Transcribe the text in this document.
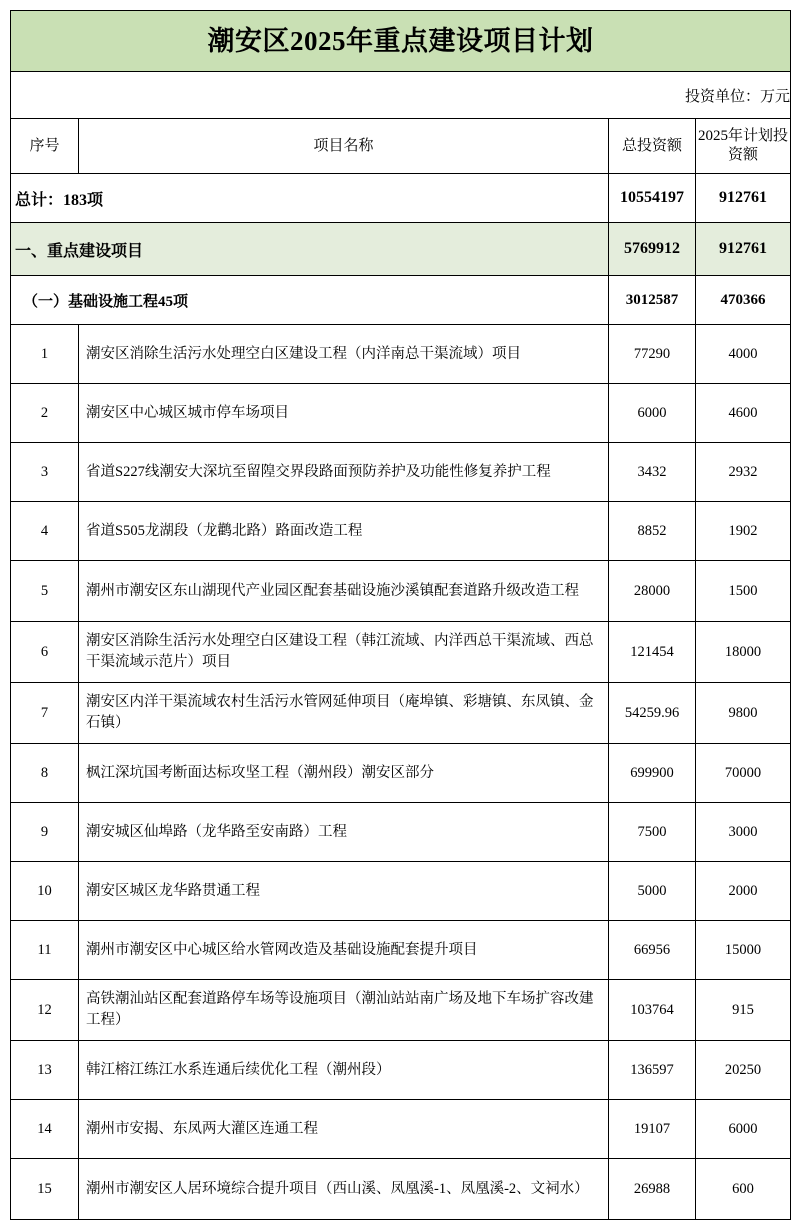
潮安区2025年重点建设项目计划			
投资单位：万元			
序号	项目名称	总投资额	2025年计划投资额
总计：183项		10554197	912761
一、重点建设项目		5769912	912761
（一）基础设施工程45项		3012587	470366
1	潮安区消除生活污水处理空白区建设工程（内洋南总干渠流域）项目	77290	4000
2	潮安区中心城区城市停车场项目	6000	4600
3	省道S227线潮安大深坑至留隍交界段路面预防养护及功能性修复养护工程	3432	2932
4	省道S505龙湖段（龙鹳北路）路面改造工程	8852	1902
5	潮州市潮安区东山湖现代产业园区配套基础设施沙溪镇配套道路升级改造工程	28000	1500
6	潮安区消除生活污水处理空白区建设工程（韩江流域、内洋西总干渠流域、西总干渠流域示范片）项目	121454	18000
7	潮安区内洋干渠流域农村生活污水管网延伸项目（庵埠镇、彩塘镇、东凤镇、金石镇）	54259.96	9800
8	枫江深坑国考断面达标攻坚工程（潮州段）潮安区部分	699900	70000
9	潮安城区仙埠路（龙华路至安南路）工程	7500	3000
10	潮安区城区龙华路贯通工程	5000	2000
11	潮州市潮安区中心城区给水管网改造及基础设施配套提升项目	66956	15000
12	高铁潮汕站区配套道路停车场等设施项目（潮汕站站南广场及地下车场扩容改建工程）	103764	915
13	韩江榕江练江水系连通后续优化工程（潮州段）	136597	20250
14	潮州市安揭、东凤两大灌区连通工程	19107	6000
15	潮州市潮安区人居环境综合提升项目（西山溪、凤凰溪-1、凤凰溪-2、文祠水）	26988	600
